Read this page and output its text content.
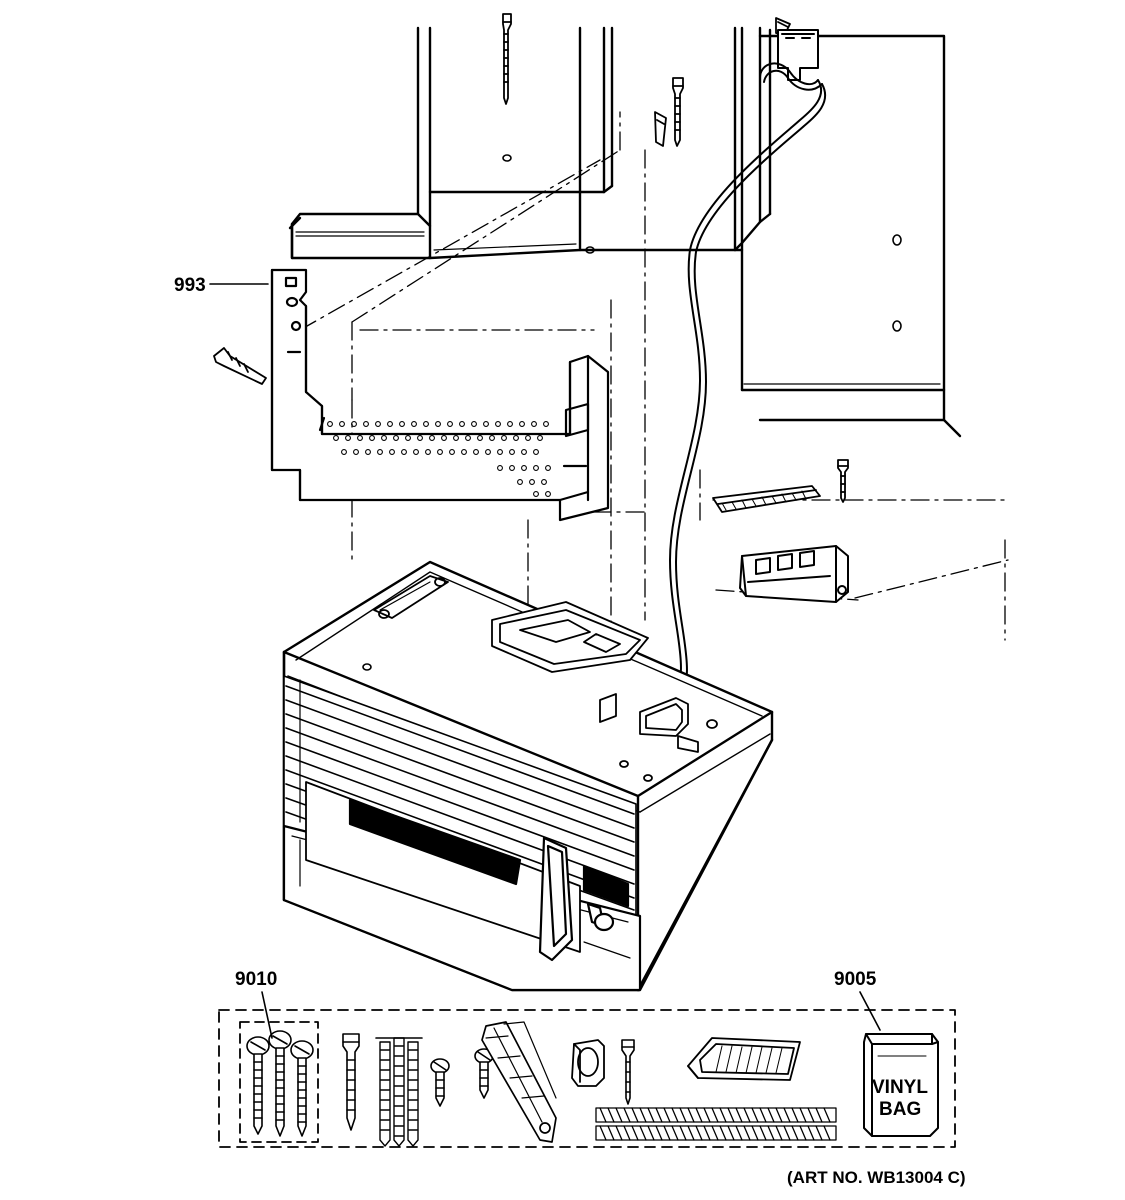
993
9010	9005
VINYL
BAG
(ART NO. WB13004 C)
